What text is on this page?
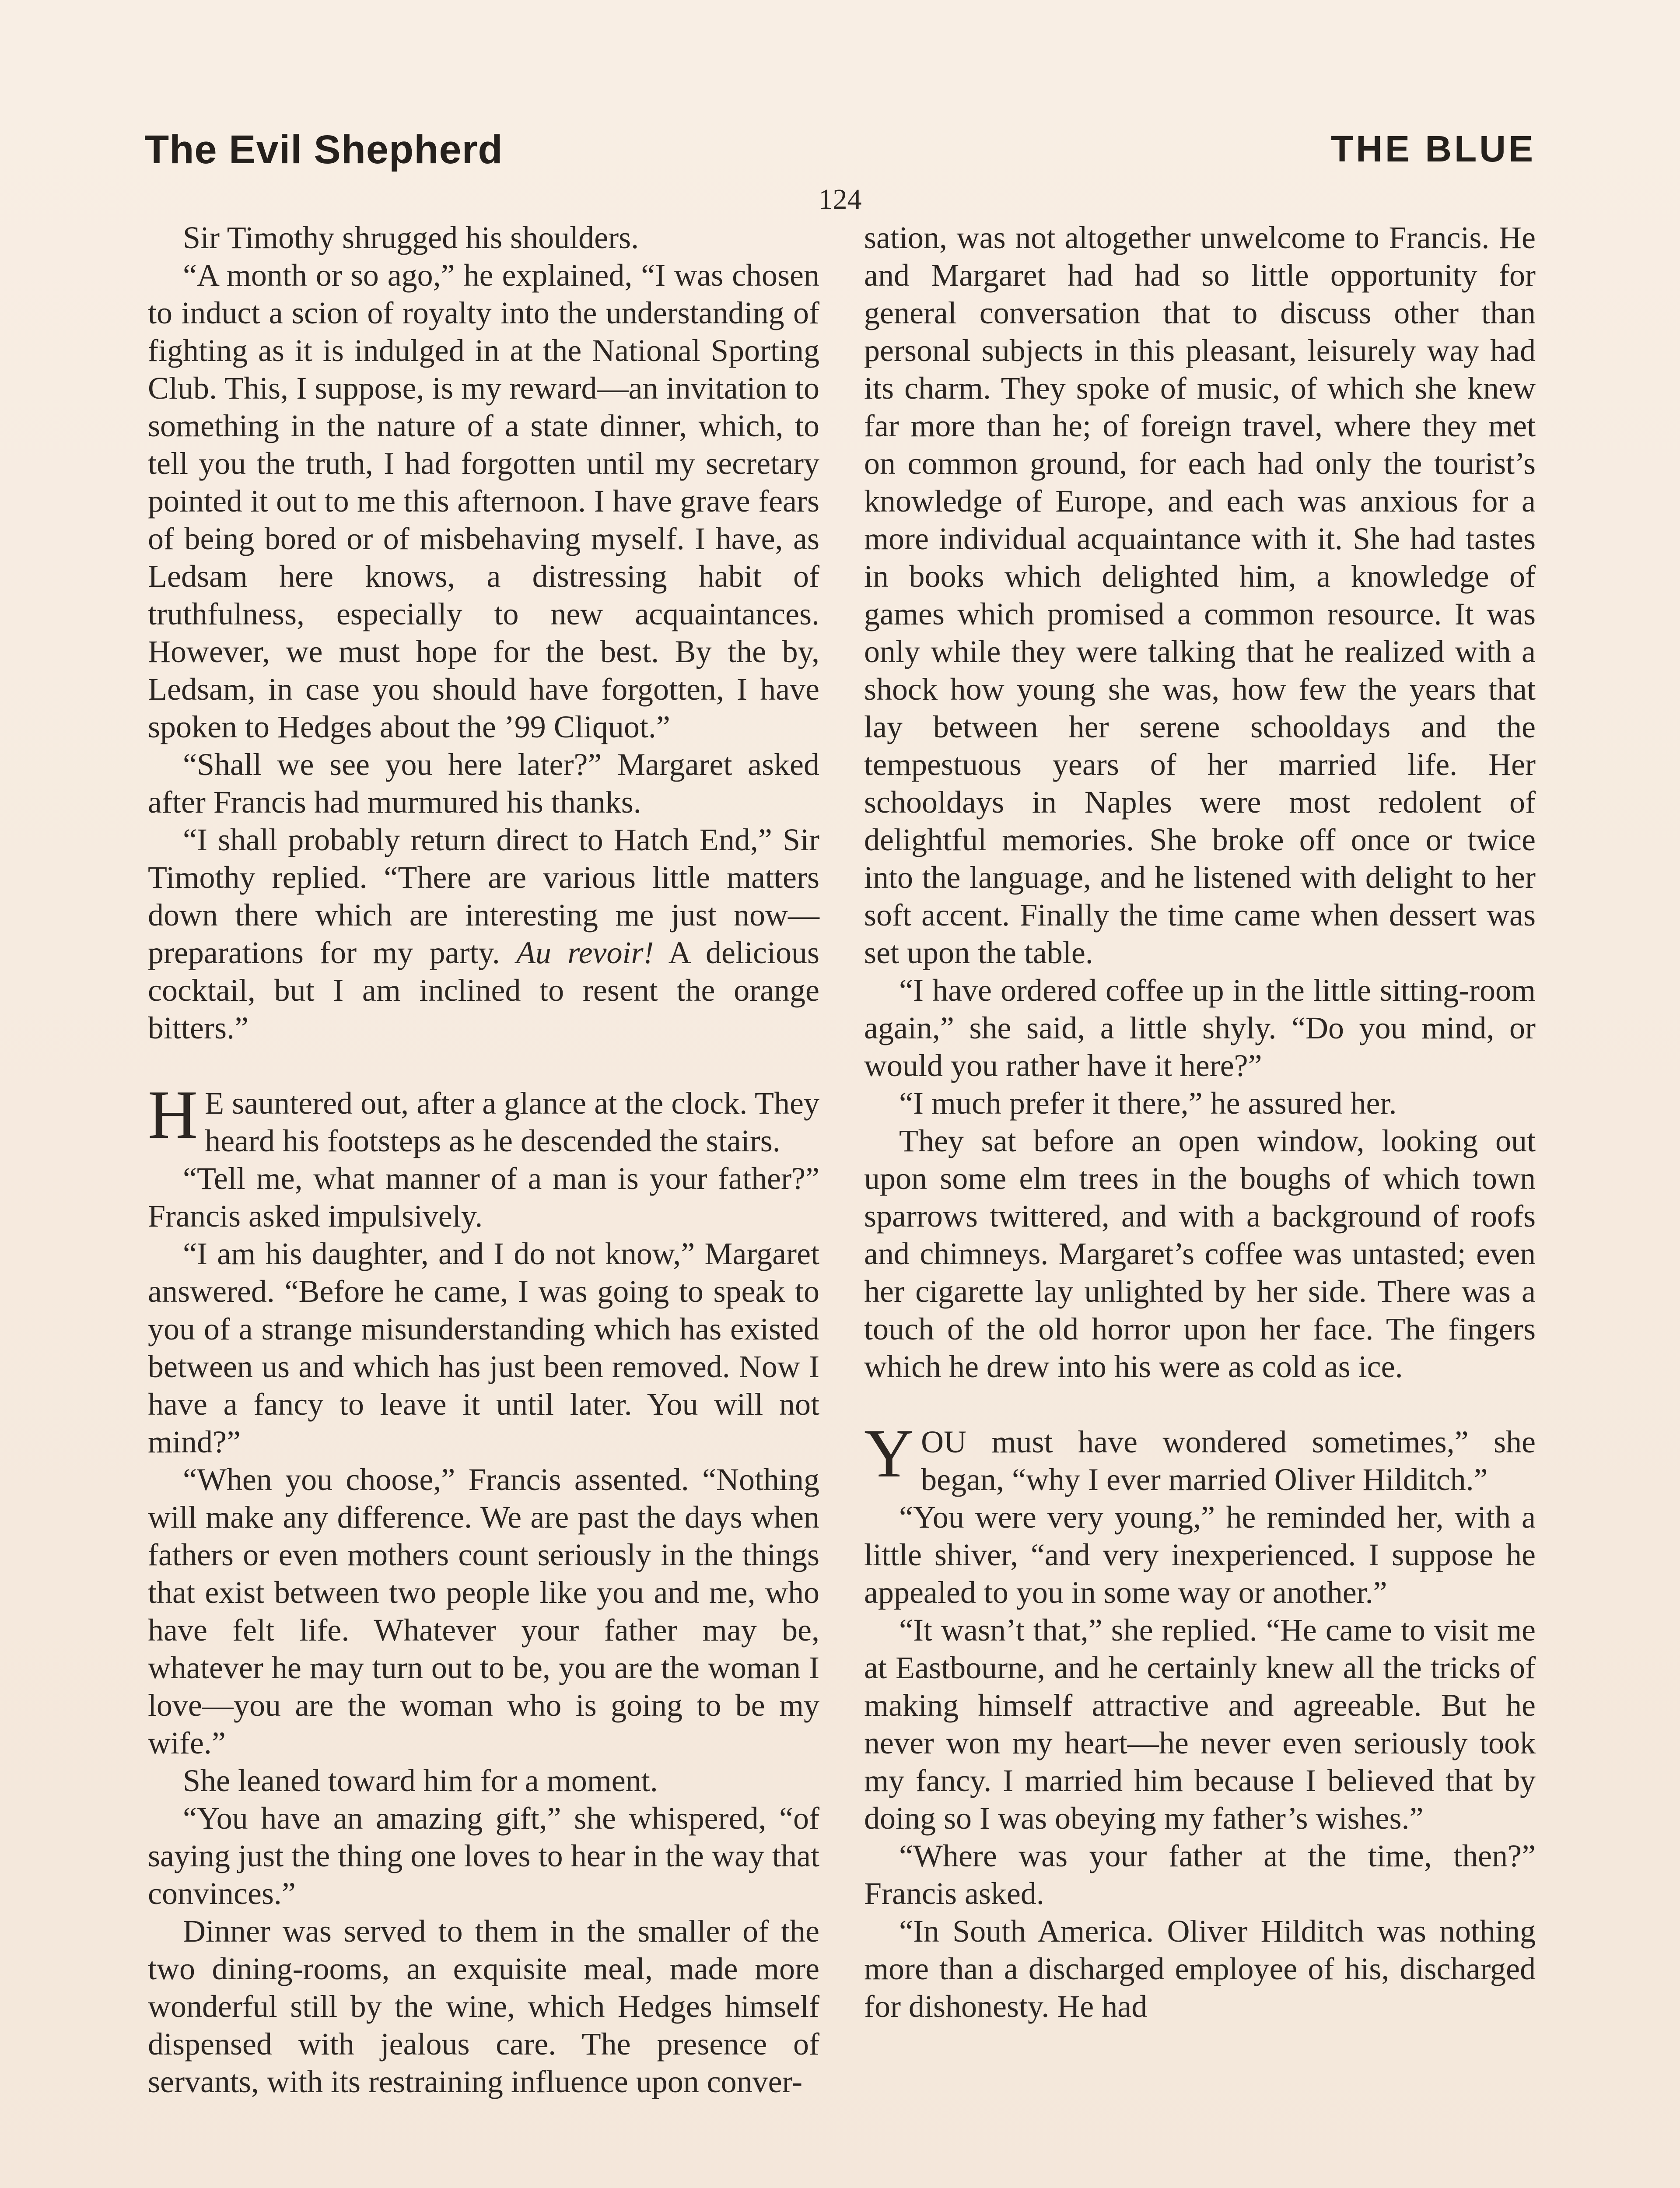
The Evil Shepherd	THE BLUE
124

Sir Timothy shrugged his shoulders.

“A month or so ago,” he explained, “I was chosen to induct a scion of royalty into the understanding of fighting as it is indulged in at the National Sporting Club. This, I suppose, is my reward—an invitation to something in the nature of a state dinner, which, to tell you the truth, I had forgotten until my secretary pointed it out to me this afternoon. I have grave fears of being bored or of misbehaving myself. I have, as Ledsam here knows, a distressing habit of truthfulness, especially to new acquaintances. However, we must hope for the best. By the by, Ledsam, in case you should have forgotten, I have spoken to Hedges about the ’99 Cliquot.”

“Shall we see you here later?” Margaret asked after Francis had murmured his thanks.

“I shall probably return direct to Hatch End,” Sir Timothy replied. “There are various little matters down there which are interesting me just now—preparations for my party. Au revoir! A delicious cocktail, but I am inclined to resent the orange bitters.”

H E sauntered out, after a glance at the clock. They heard his footsteps as he descended the stairs.

“Tell me, what manner of a man is your father?” Francis asked impulsively.

“I am his daughter, and I do not know,” Margaret answered. “Before he came, I was going to speak to you of a strange misunderstanding which has existed between us and which has just been removed. Now I have a fancy to leave it until later. You will not mind?”

“When you choose,” Francis assented. “Nothing will make any difference. We are past the days when fathers or even mothers count seriously in the things that exist between two people like you and me, who have felt life. Whatever your father may be, whatever he may turn out to be, you are the woman I love—you are the woman who is going to be my wife.”

She leaned toward him for a moment.

“You have an amazing gift,” she whispered, “of saying just the thing one loves to hear in the way that convinces.”

Dinner was served to them in the smaller of the two dining-rooms, an exquisite meal, made more wonderful still by the wine, which Hedges himself dispensed with jealous care. The presence of servants, with its restraining influence upon conver-

sation, was not altogether unwelcome to Francis. He and Margaret had had so little opportunity for general conversation that to discuss other than personal subjects in this pleasant, leisurely way had its charm. They spoke of music, of which she knew far more than he; of foreign travel, where they met on common ground, for each had only the tourist’s knowledge of Europe, and each was anxious for a more individual acquaintance with it. She had tastes in books which delighted him, a knowledge of games which promised a common resource. It was only while they were talking that he realized with a shock how young she was, how few the years that lay between her serene schooldays and the tempestuous years of her married life. Her schooldays in Naples were most redolent of delightful memories. She broke off once or twice into the language, and he listened with delight to her soft accent. Finally the time came when dessert was set upon the table.

“I have ordered coffee up in the little sitting-room again,” she said, a little shyly. “Do you mind, or would you rather have it here?”

“I much prefer it there,” he assured her.

They sat before an open window, looking out upon some elm trees in the boughs of which town sparrows twittered, and with a background of roofs and chimneys. Margaret’s coffee was untasted; even her cigarette lay unlighted by her side. There was a touch of the old horror upon her face. The fingers which he drew into his were as cold as ice.

YOU must have wondered sometimes,” she began, “why I ever married Oliver Hilditch.”

“You were very young,” he reminded her, with a little shiver, “and very inexperienced. I suppose he appealed to you in some way or another.”

“It wasn’t that,” she replied. “He came to visit me at Eastbourne, and he certainly knew all the tricks of making himself attractive and agreeable. But he never won my heart—he never even seriously took my fancy. I married him because I believed that by doing so I was obeying my father’s wishes.”

“Where was your father at the time, then?” Francis asked.

“In South America. Oliver Hilditch was nothing more than a discharged employee of his, discharged for dishonesty. He had
